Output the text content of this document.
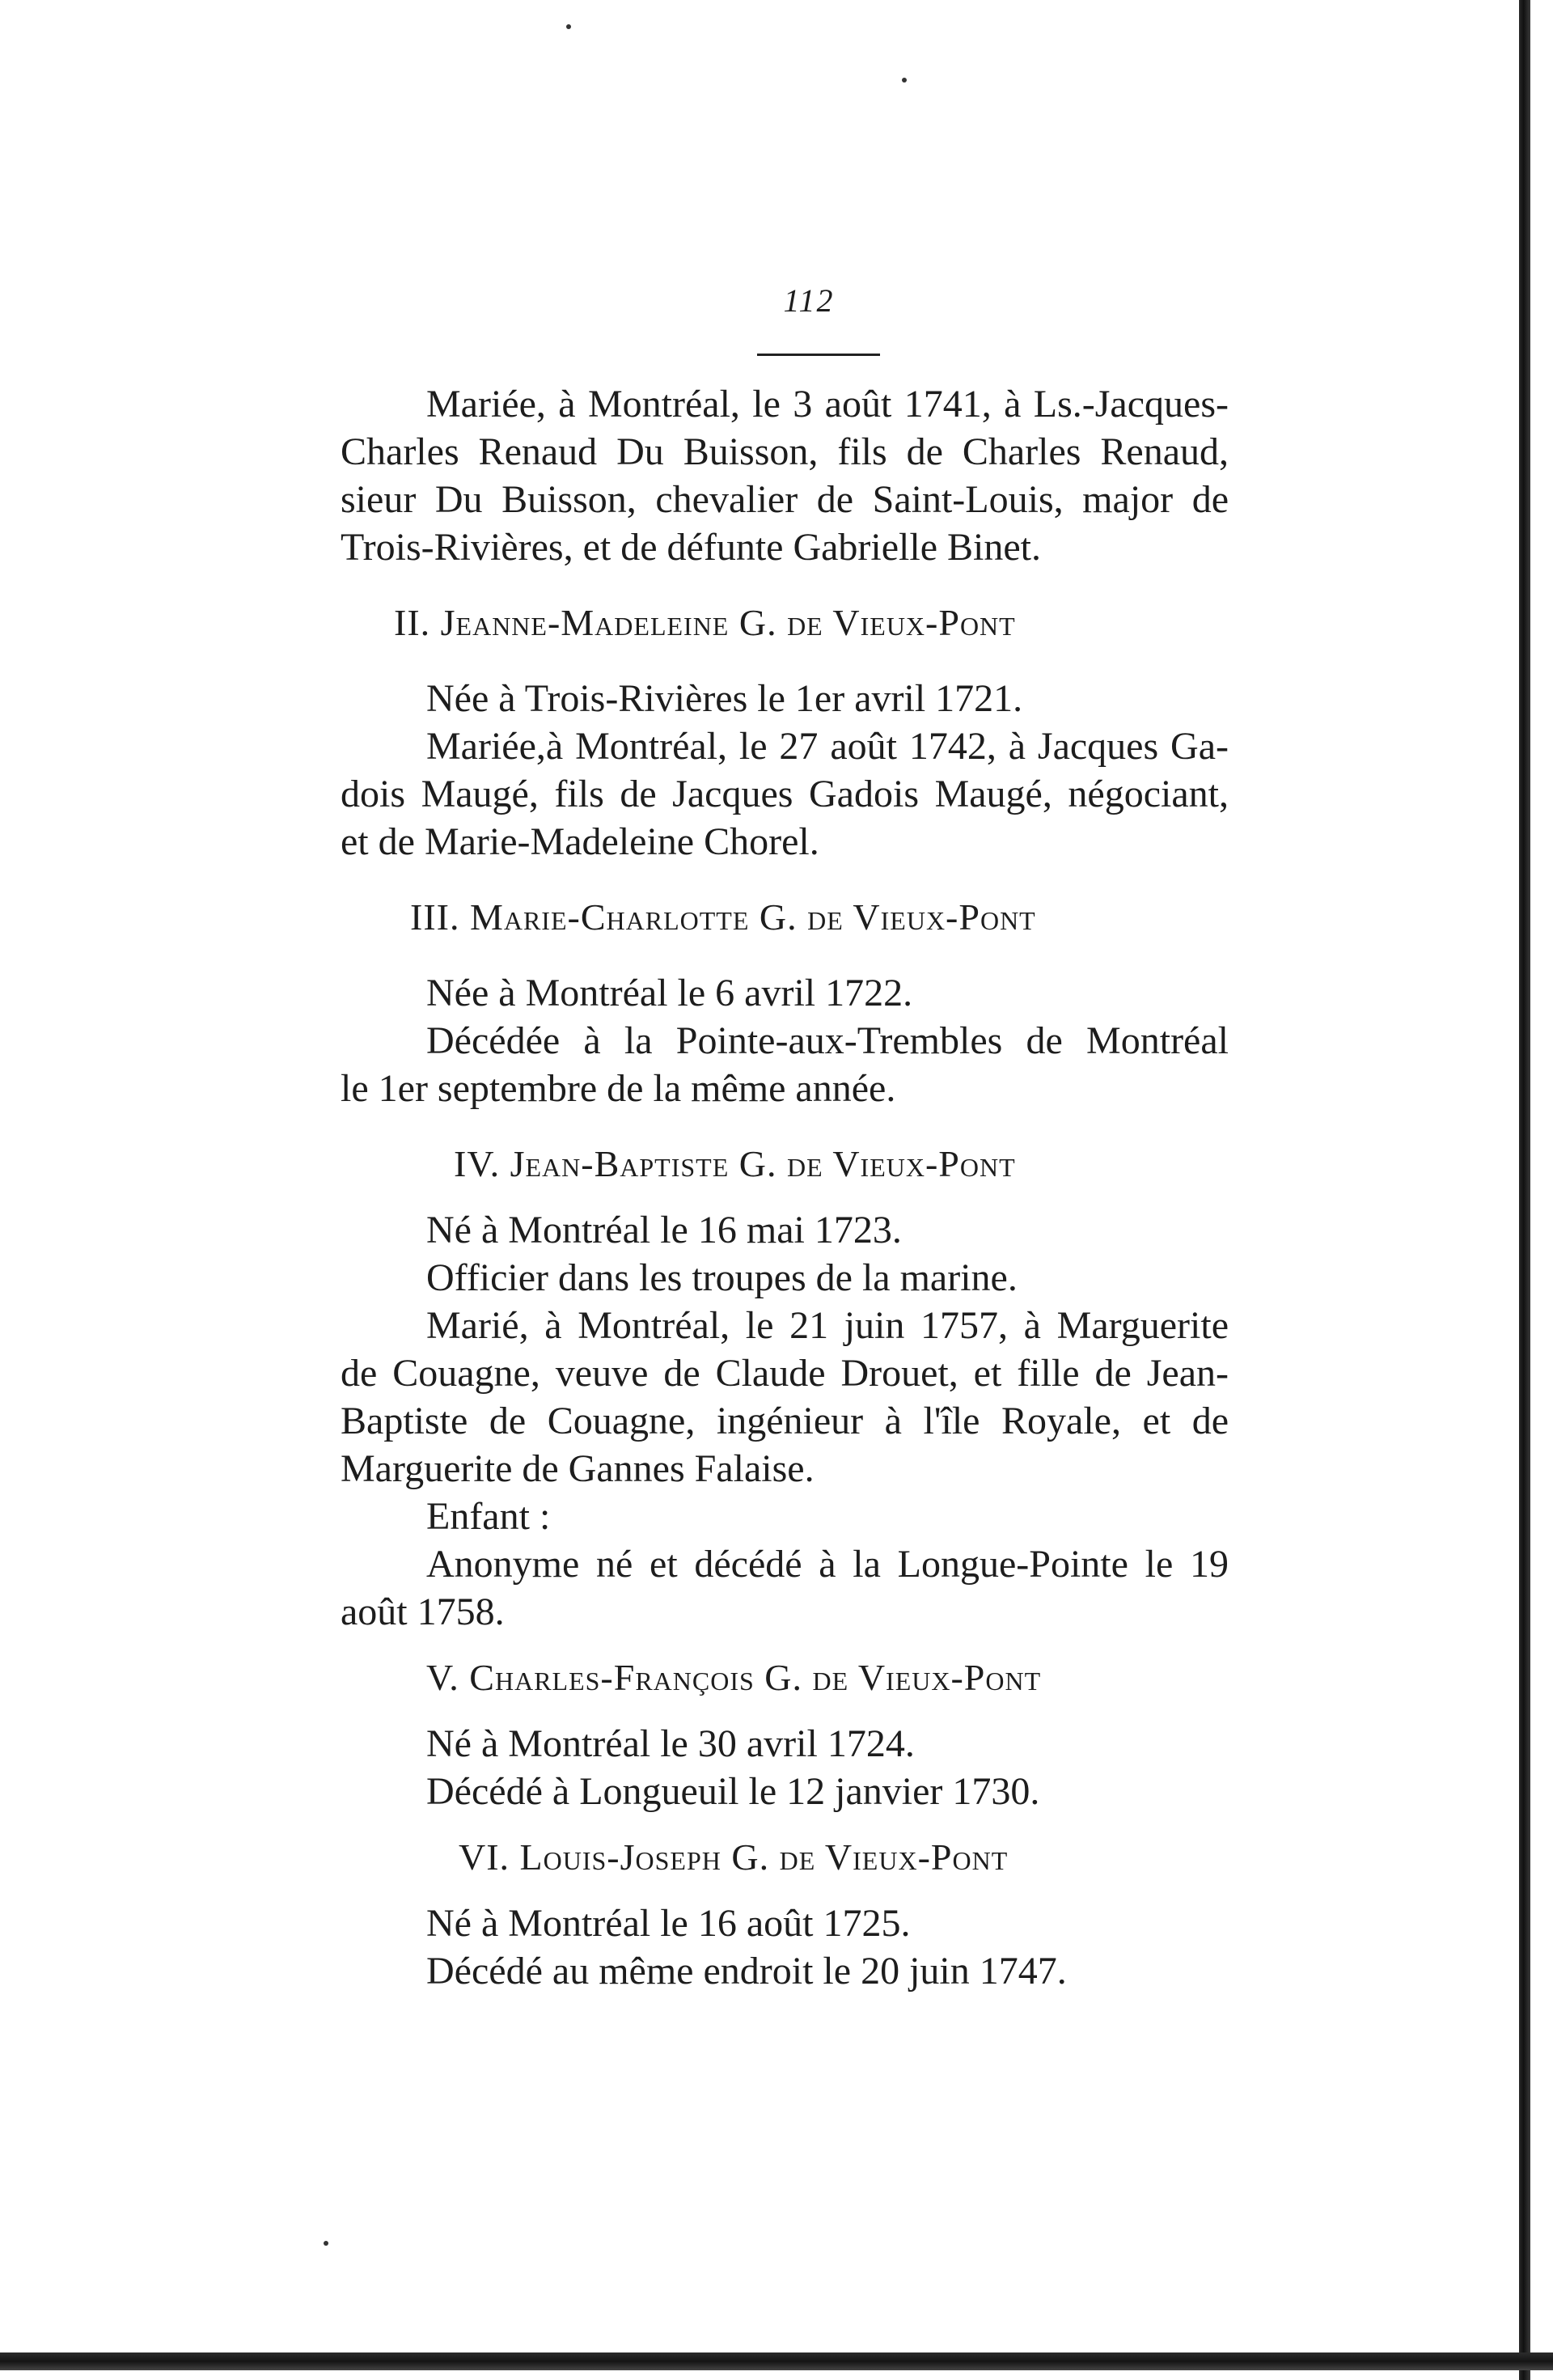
112
Mariée, à Montréal, le 3 août 1741, à Ls.-Jacques-
Charles Renaud Du Buisson, fils de Charles Renaud,
sieur Du Buisson, chevalier de Saint-Louis, major de
Trois-Rivières, et de défunte Gabrielle Binet.
II. Jeanne-Madeleine G. de Vieux-Pont
Née à Trois-Rivières le 1er avril 1721.
Mariée,à Montréal, le 27 août 1742, à Jacques Ga-
dois Maugé, fils de Jacques Gadois Maugé, négociant,
et de Marie-Madeleine Chorel.
III. Marie-Charlotte G. de Vieux-Pont
Née à Montréal le 6 avril 1722.
Décédée à la Pointe-aux-Trembles de Montréal
le 1er septembre de la même année.
IV. Jean-Baptiste G. de Vieux-Pont
Né à Montréal le 16 mai 1723.
Officier dans les troupes de la marine.
Marié, à Montréal, le 21 juin 1757, à Marguerite
de Couagne, veuve de Claude Drouet, et fille de Jean-
Baptiste de Couagne, ingénieur à l'île Royale, et de
Marguerite de Gannes Falaise.
Enfant :
Anonyme né et décédé à la Longue-Pointe le 19
août 1758.
V. Charles-François G. de Vieux-Pont
Né à Montréal le 30 avril 1724.
Décédé à Longueuil le 12 janvier 1730.
VI. Louis-Joseph G. de Vieux-Pont
Né à Montréal le 16 août 1725.
Décédé au même endroit le 20 juin 1747.
